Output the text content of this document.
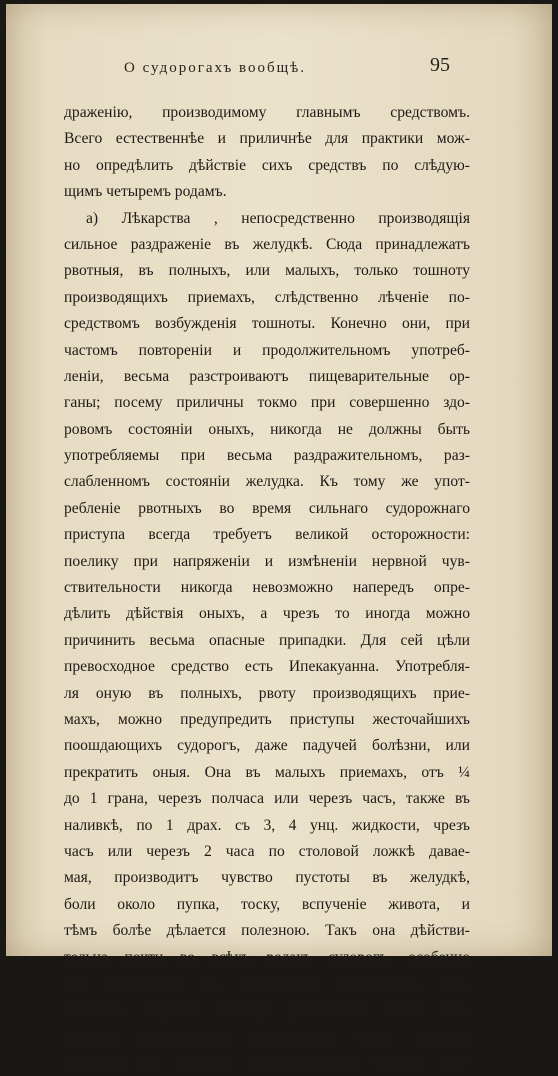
О судорогахъ вообщѣ.	95
драженію, производимому главнымъ средствомъ.
Всего естественнѣе и приличнѣе для практики мож-
но опредѣлить дѣйствіе сихъ средствъ по слѣдую-
щимъ четыремъ родамъ.
a) Лѣкарства , непосредственно производящія
сильное раздраженіе въ желудкѣ. Сюда принадлежатъ
рвотныя, въ полныхъ, или малыхъ, только тошноту
производящихъ приемахъ, слѣдственно лѣченіе по-
средствомъ возбужденія тошноты. Конечно они, при
частомъ повтореніи и продолжительномъ употреб-
леніи, весьма разстроиваютъ пищеварительные ор-
ганы; посему приличны токмо при совершенно здо-
ровомъ состояніи оныхъ, никогда не должны быть
употребляемы при весьма раздражительномъ, раз-
слабленномъ состояніи желудка. Къ тому же упот-
ребленіе рвотныхъ во время сильнаго судорожнаго
приступа всегда требуетъ великой осторожности:
поелику при напряженіи и измѣненіи нервной чув-
ствительности никогда невозможно напередъ опре-
дѣлить дѣйствія оныхъ, а чрезъ то иногда можно
причинить весьма опасные припадки. Для сей цѣли
превосходное средство есть Ипекакуанна. Употребля-
ля оную въ полныхъ, рвоту производящихъ прие-
махъ, можно предупредить приступы жесточайшихъ
поошдающихъ судорогъ, даже падучей болѣзни, или
прекратить оныя. Она въ малыхъ приемахъ, отъ ¼
до 1 грана, черезъ полчаса или черезъ часъ, также въ
наливкѣ, по 1 драх. съ 3, 4 унц. жидкости, чрезъ
часъ или черезъ 2 часа по столовой ложкѣ давае-
мая, производитъ чувство пустоты въ желудкѣ,
боли около пупка, тоску, вспученіе живота, и
тѣмъ болѣе дѣлается полезною. Такъ она дѣйстви-
тельна почти во всѣхъ родахъ судорогъ, особенно
при судорогахъ въ наружныхъ окончаніяхъ под-
кожныхъ нервовъ; посему, уничтожая оныя, ока-
зываетъ значительное потогонную силу; противъ
судорогъ въ системѣ кругообращенія соковъ, осо-
